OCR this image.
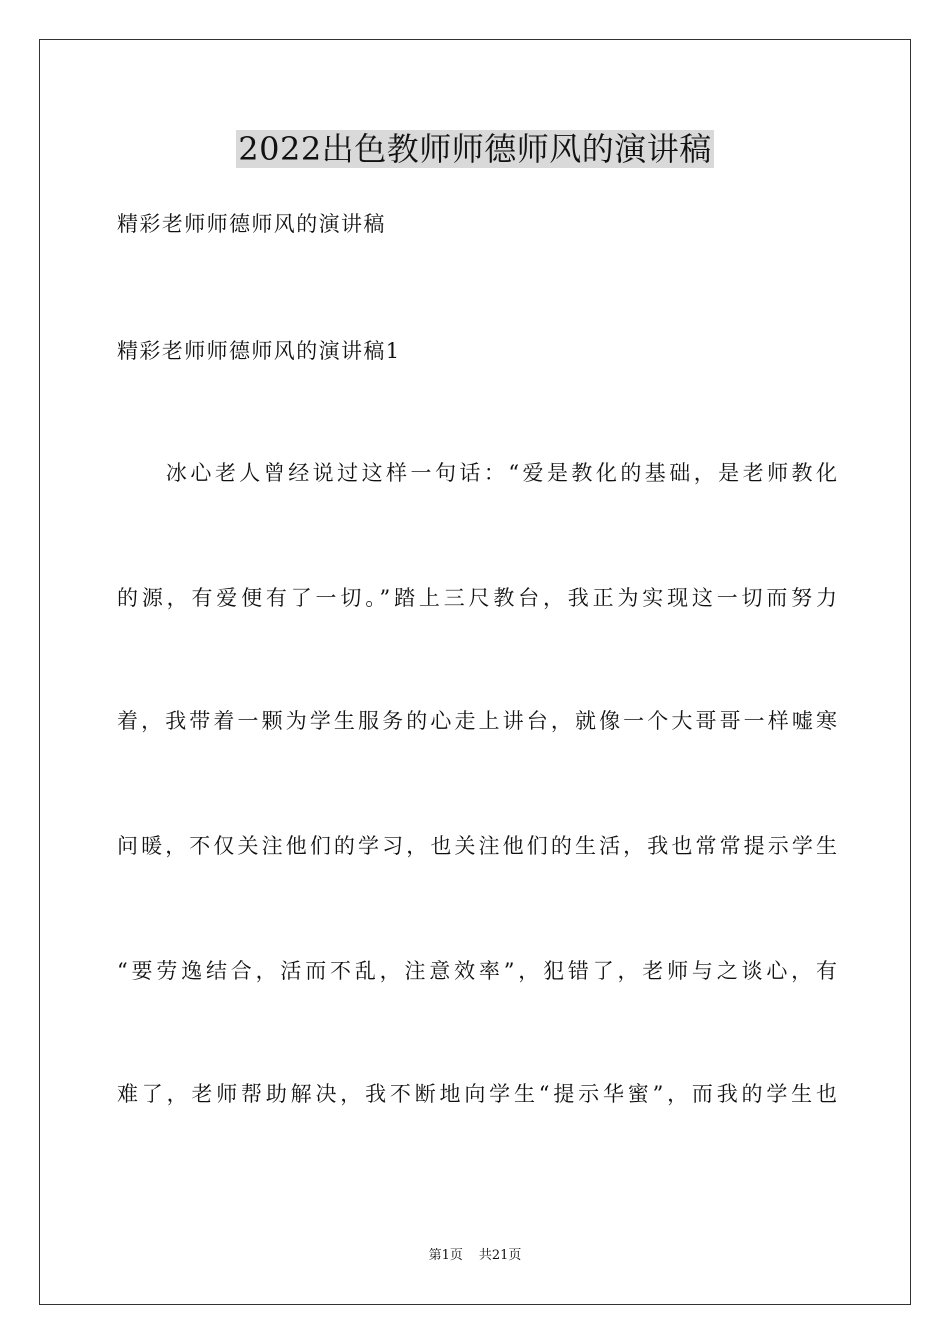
2022出色教师师德师风的演讲稿
精彩老师师德师风的演讲稿
精彩老师师德师风的演讲稿1
　　冰心老人曾经说过这样一句话：“爱是教化的基础，是老师教化
的源，有爱便有了一切。”踏上三尺教台，我正为实现这一切而努力
着，我带着一颗为学生服务的心走上讲台，就像一个大哥哥一样嘘寒
问暖，不仅关注他们的学习，也关注他们的生活，我也常常提示学生
“要劳逸结合，活而不乱，注意效率”，犯错了，老师与之谈心，有
难了，老师帮助解决，我不断地向学生“提示华蜜”，而我的学生也
第1页 共21页
